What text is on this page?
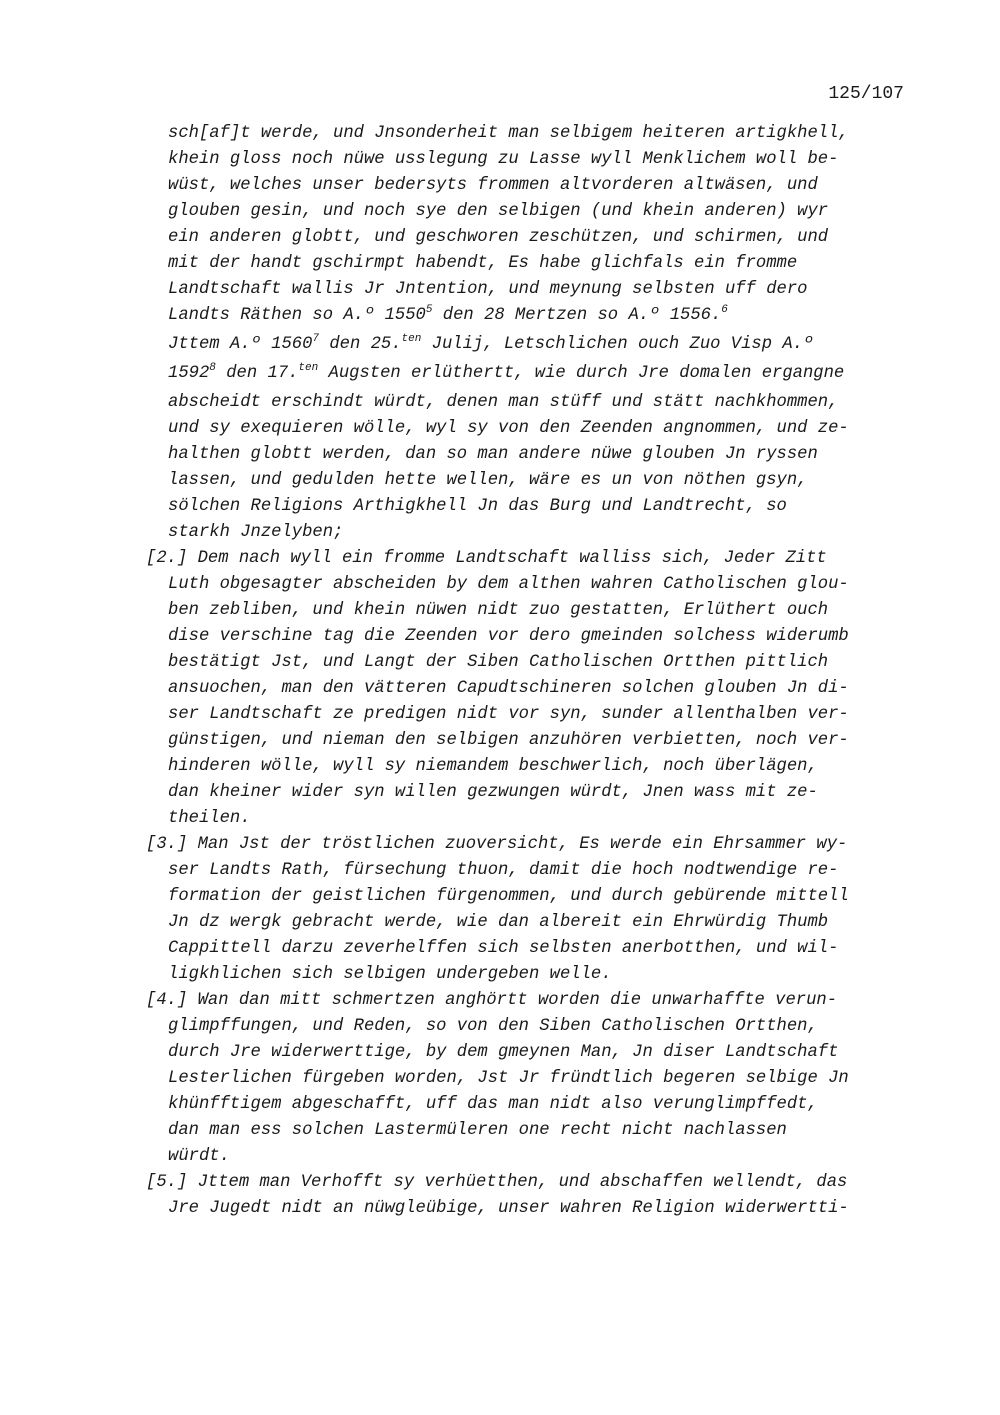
125/107
sch[af]t werde, und Jnsonderheit man selbigem heiteren artigkhell,
khein gloss noch nüwe usslegung zu Lasse wyll Menklichem woll be-
wüst, welches unser bedersyts frommen altvorderen altwäsen, und
glouben gesin, und noch sye den selbigen (und khein anderen) wyr
ein anderen globtt, und geschworen zeschützen, und schirmen, und
mit der handt gschirmpt habendt, Es habe glichfals ein fromme
Landtschaft wallis Jr Jntention, und meynung selbsten uff dero
Landts Räthen so A.º 1550$^5$ den 28 Mertzen so A.º 1556.$^6$
Jttem A.º 1560$^7$ den 25.$^{ten}$ Julij, Letschlichen ouch Zuo Visp A.º
1592$^8$ den 17.$^{ten}$ Augsten erlüthertt, wie durch Jre domalen ergangne
abscheidt erschindt würdt, denen man stüff und stätt nachkhommen,
und sy exequieren wölle, wyl sy von den Zeenden angnommen, und ze-
halthen globtt werden, dan so man andere nüwe glouben Jn ryssen
lassen, und gedulden hette wellen, wäre es un von nöthen gsyn,
sölchen Religions Arthigkhell Jn das Burg und Landtrecht, so
starkh Jnzelyben;
[2.] Dem nach wyll ein fromme Landtschaft walliss sich, Jeder Zitt
Luth obgesagter abscheiden by dem althen wahren Catholischen glou-
ben zebliben, und khein nüwen nidt zuo gestatten, Erlüthert ouch
dise verschine tag die Zeenden vor dero gmeinden solchess widerumb
bestätigt Jst, und Langt der Siben Catholischen Ortthen pittlich
ansuochen, man den vätteren Capudtschineren solchen glouben Jn di-
ser Landtschaft ze predigen nidt vor syn, sunder allenthalben ver-
günstigen, und nieman den selbigen anzuhören verbietten, noch ver-
hinderen wölle, wyll sy niemandem beschwerlich, noch überlägen,
dan kheiner wider syn willen gezwungen würdt, Jnen wass mit ze-
theilen.
[3.] Man Jst der tröstlichen zuoversicht, Es werde ein Ehrsammer wy-
ser Landts Rath, fürsechung thuon, damit die hoch nodtwendige re-
formation der geistlichen fürgenommen, und durch gebürende mittell
Jn dz wergk gebracht werde, wie dan albereit ein Ehrwürdig Thumb
Cappittell darzu zeverhelffen sich selbsten anerbotthen, und wil-
ligkhlichen sich selbigen undergeben welle.
[4.] Wan dan mitt schmertzen anghörtt worden die unwarhaffte verun-
glimpffungen, und Reden, so von den Siben Catholischen Ortthen,
durch Jre widerwerttige, by dem gmeynen Man, Jn diser Landtschaft
Lesterlichen fürgeben worden, Jst Jr fründtlich begeren selbige Jn
khünfftigem abgeschafft, uff das man nidt also verunglimpffedt,
dan man ess solchen Lastermüleren one recht nicht nachlassen
würdt.
[5.] Jttem man Verhofft sy verhüetthen, und abschaffen wellendt, das
Jre Jugedt nidt an nüwgleübige, unser wahren Religion widerwertti-
